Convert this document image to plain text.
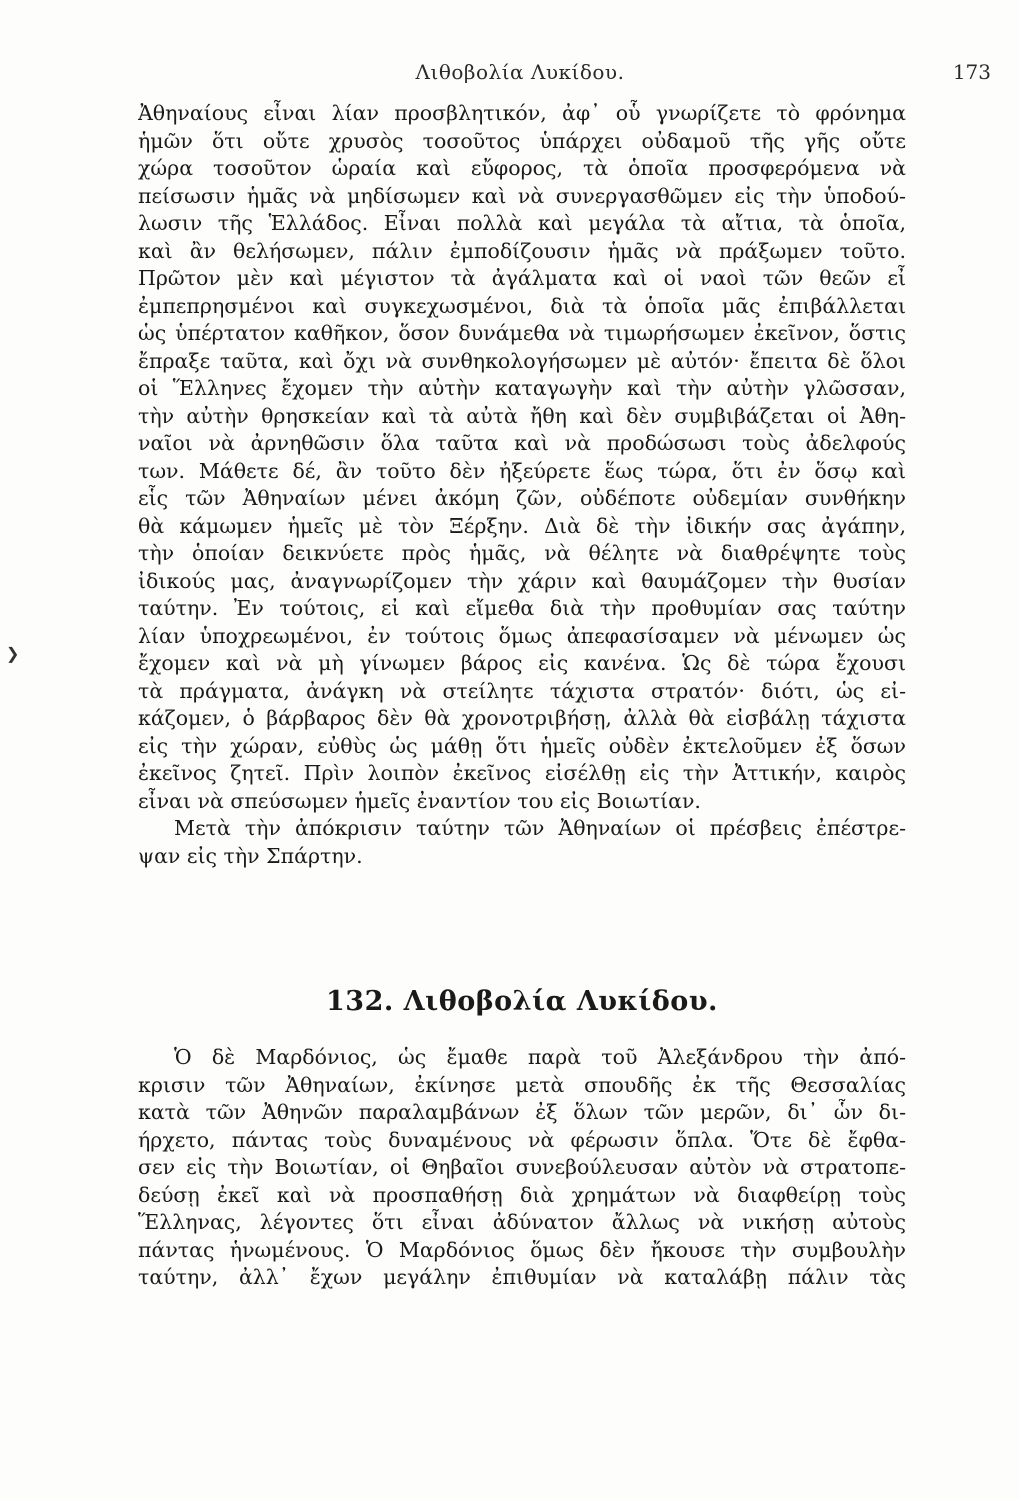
Λιθοβολία Λυκίδου.	173
❯
Ἀθηναίους εἶναι λίαν προσβλητικόν, ἀφ᾽ οὗ γνωρίζετε τὸ φρόνημα
ἡμῶν ὅτι οὔτε χρυσὸς τοσοῦτος ὑπάρχει οὐδαμοῦ τῆς γῆς οὔτε
χώρα τοσοῦτον ὡραία καὶ εὔφορος, τὰ ὁποῖα προσφερόμενα νὰ
πείσωσιν ἡμᾶς νὰ μηδίσωμεν καὶ νὰ συνεργασθῶμεν εἰς τὴν ὑποδού-
λωσιν τῆς Ἑλλάδος. Εἶναι πολλὰ καὶ μεγάλα τὰ αἴτια, τὰ ὁποῖα,
καὶ ἂν θελήσωμεν, πάλιν ἐμποδίζουσιν ἡμᾶς νὰ πράξωμεν τοῦτο.
Πρῶτον μὲν καὶ μέγιστον τὰ ἀγάλματα καὶ οἱ ναοὶ τῶν θεῶν εἶ
ἐμπεπρησμένοι καὶ συγκεχωσμένοι, διὰ τὰ ὁποῖα μᾶς ἐπιβάλλεται
ὡς ὑπέρτατον καθῆκον, ὅσον δυνάμεθα νὰ τιμωρήσωμεν ἐκεῖνον, ὅστις
ἔπραξε ταῦτα, καὶ ὄχι νὰ συνθηκολογήσωμεν μὲ αὐτόν· ἔπειτα δὲ ὅλοι
οἱ Ἕλληνες ἔχομεν τὴν αὐτὴν καταγωγὴν καὶ τὴν αὐτὴν γλῶσσαν,
τὴν αὐτὴν θρησκείαν καὶ τὰ αὐτὰ ἤθη καὶ δὲν συμβιβάζεται οἱ Ἀθη-
ναῖοι νὰ ἀρνηθῶσιν ὅλα ταῦτα καὶ νὰ προδώσωσι τοὺς ἀδελφούς
των. Μάθετε δέ, ἂν τοῦτο δὲν ἠξεύρετε ἕως τώρα, ὅτι ἐν ὅσῳ καὶ
εἷς τῶν Ἀθηναίων μένει ἀκόμη ζῶν, οὐδέποτε οὐδεμίαν συνθήκην
θὰ κάμωμεν ἡμεῖς μὲ τὸν Ξέρξην. Διὰ δὲ τὴν ἰδικήν σας ἀγάπην,
τὴν ὁποίαν δεικνύετε πρὸς ἡμᾶς, νὰ θέλητε νὰ διαθρέψητε τοὺς
ἰδικούς μας, ἀναγνωρίζομεν τὴν χάριν καὶ θαυμάζομεν τὴν θυσίαν
ταύτην. Ἐν τούτοις, εἰ καὶ εἴμεθα διὰ τὴν προθυμίαν σας ταύτην
λίαν ὑποχρεωμένοι, ἐν τούτοις ὅμως ἀπεφασίσαμεν νὰ μένωμεν ὡς
ἔχομεν καὶ νὰ μὴ γίνωμεν βάρος εἰς κανένα. Ὡς δὲ τώρα ἔχουσι
τὰ πράγματα, ἀνάγκη νὰ στείλητε τάχιστα στρατόν· διότι, ὡς εἰ-
κάζομεν, ὁ βάρβαρος δὲν θὰ χρονοτριβήσῃ, ἀλλὰ θὰ εἰσβάλῃ τάχιστα
εἰς τὴν χώραν, εὐθὺς ὡς μάθῃ ὅτι ἡμεῖς οὐδὲν ἐκτελοῦμεν ἐξ ὅσων
ἐκεῖνος ζητεῖ. Πρὶν λοιπὸν ἐκεῖνος εἰσέλθῃ εἰς τὴν Ἀττικήν, καιρὸς
εἶναι νὰ σπεύσωμεν ἡμεῖς ἐναντίον του εἰς Βοιωτίαν.
Μετὰ τὴν ἀπόκρισιν ταύτην τῶν Ἀθηναίων οἱ πρέσβεις ἐπέστρε-
ψαν εἰς τὴν Σπάρτην.
132. Λιθοβολία Λυκίδου.
Ὁ δὲ Μαρδόνιος, ὡς ἔμαθε παρὰ τοῦ Ἀλεξάνδρου τὴν ἀπό-
κρισιν τῶν Ἀθηναίων, ἐκίνησε μετὰ σπουδῆς ἐκ τῆς Θεσσαλίας
κατὰ τῶν Ἀθηνῶν παραλαμβάνων ἐξ ὅλων τῶν μερῶν, δι᾽ ὧν δι-
ήρχετο, πάντας τοὺς δυναμένους νὰ φέρωσιν ὅπλα. Ὅτε δὲ ἔφθα-
σεν εἰς τὴν Βοιωτίαν, οἱ Θηβαῖοι συνεβούλευσαν αὐτὸν νὰ στρατοπε-
δεύσῃ ἐκεῖ καὶ νὰ προσπαθήσῃ διὰ χρημάτων νὰ διαφθείρῃ τοὺς
Ἕλληνας, λέγοντες ὅτι εἶναι ἀδύνατον ἄλλως νὰ νικήσῃ αὐτοὺς
πάντας ἡνωμένους. Ὁ Μαρδόνιος ὅμως δὲν ἤκουσε τὴν συμβουλὴν
ταύτην, ἀλλ᾽ ἔχων μεγάλην ἐπιθυμίαν νὰ καταλάβῃ πάλιν τὰς
